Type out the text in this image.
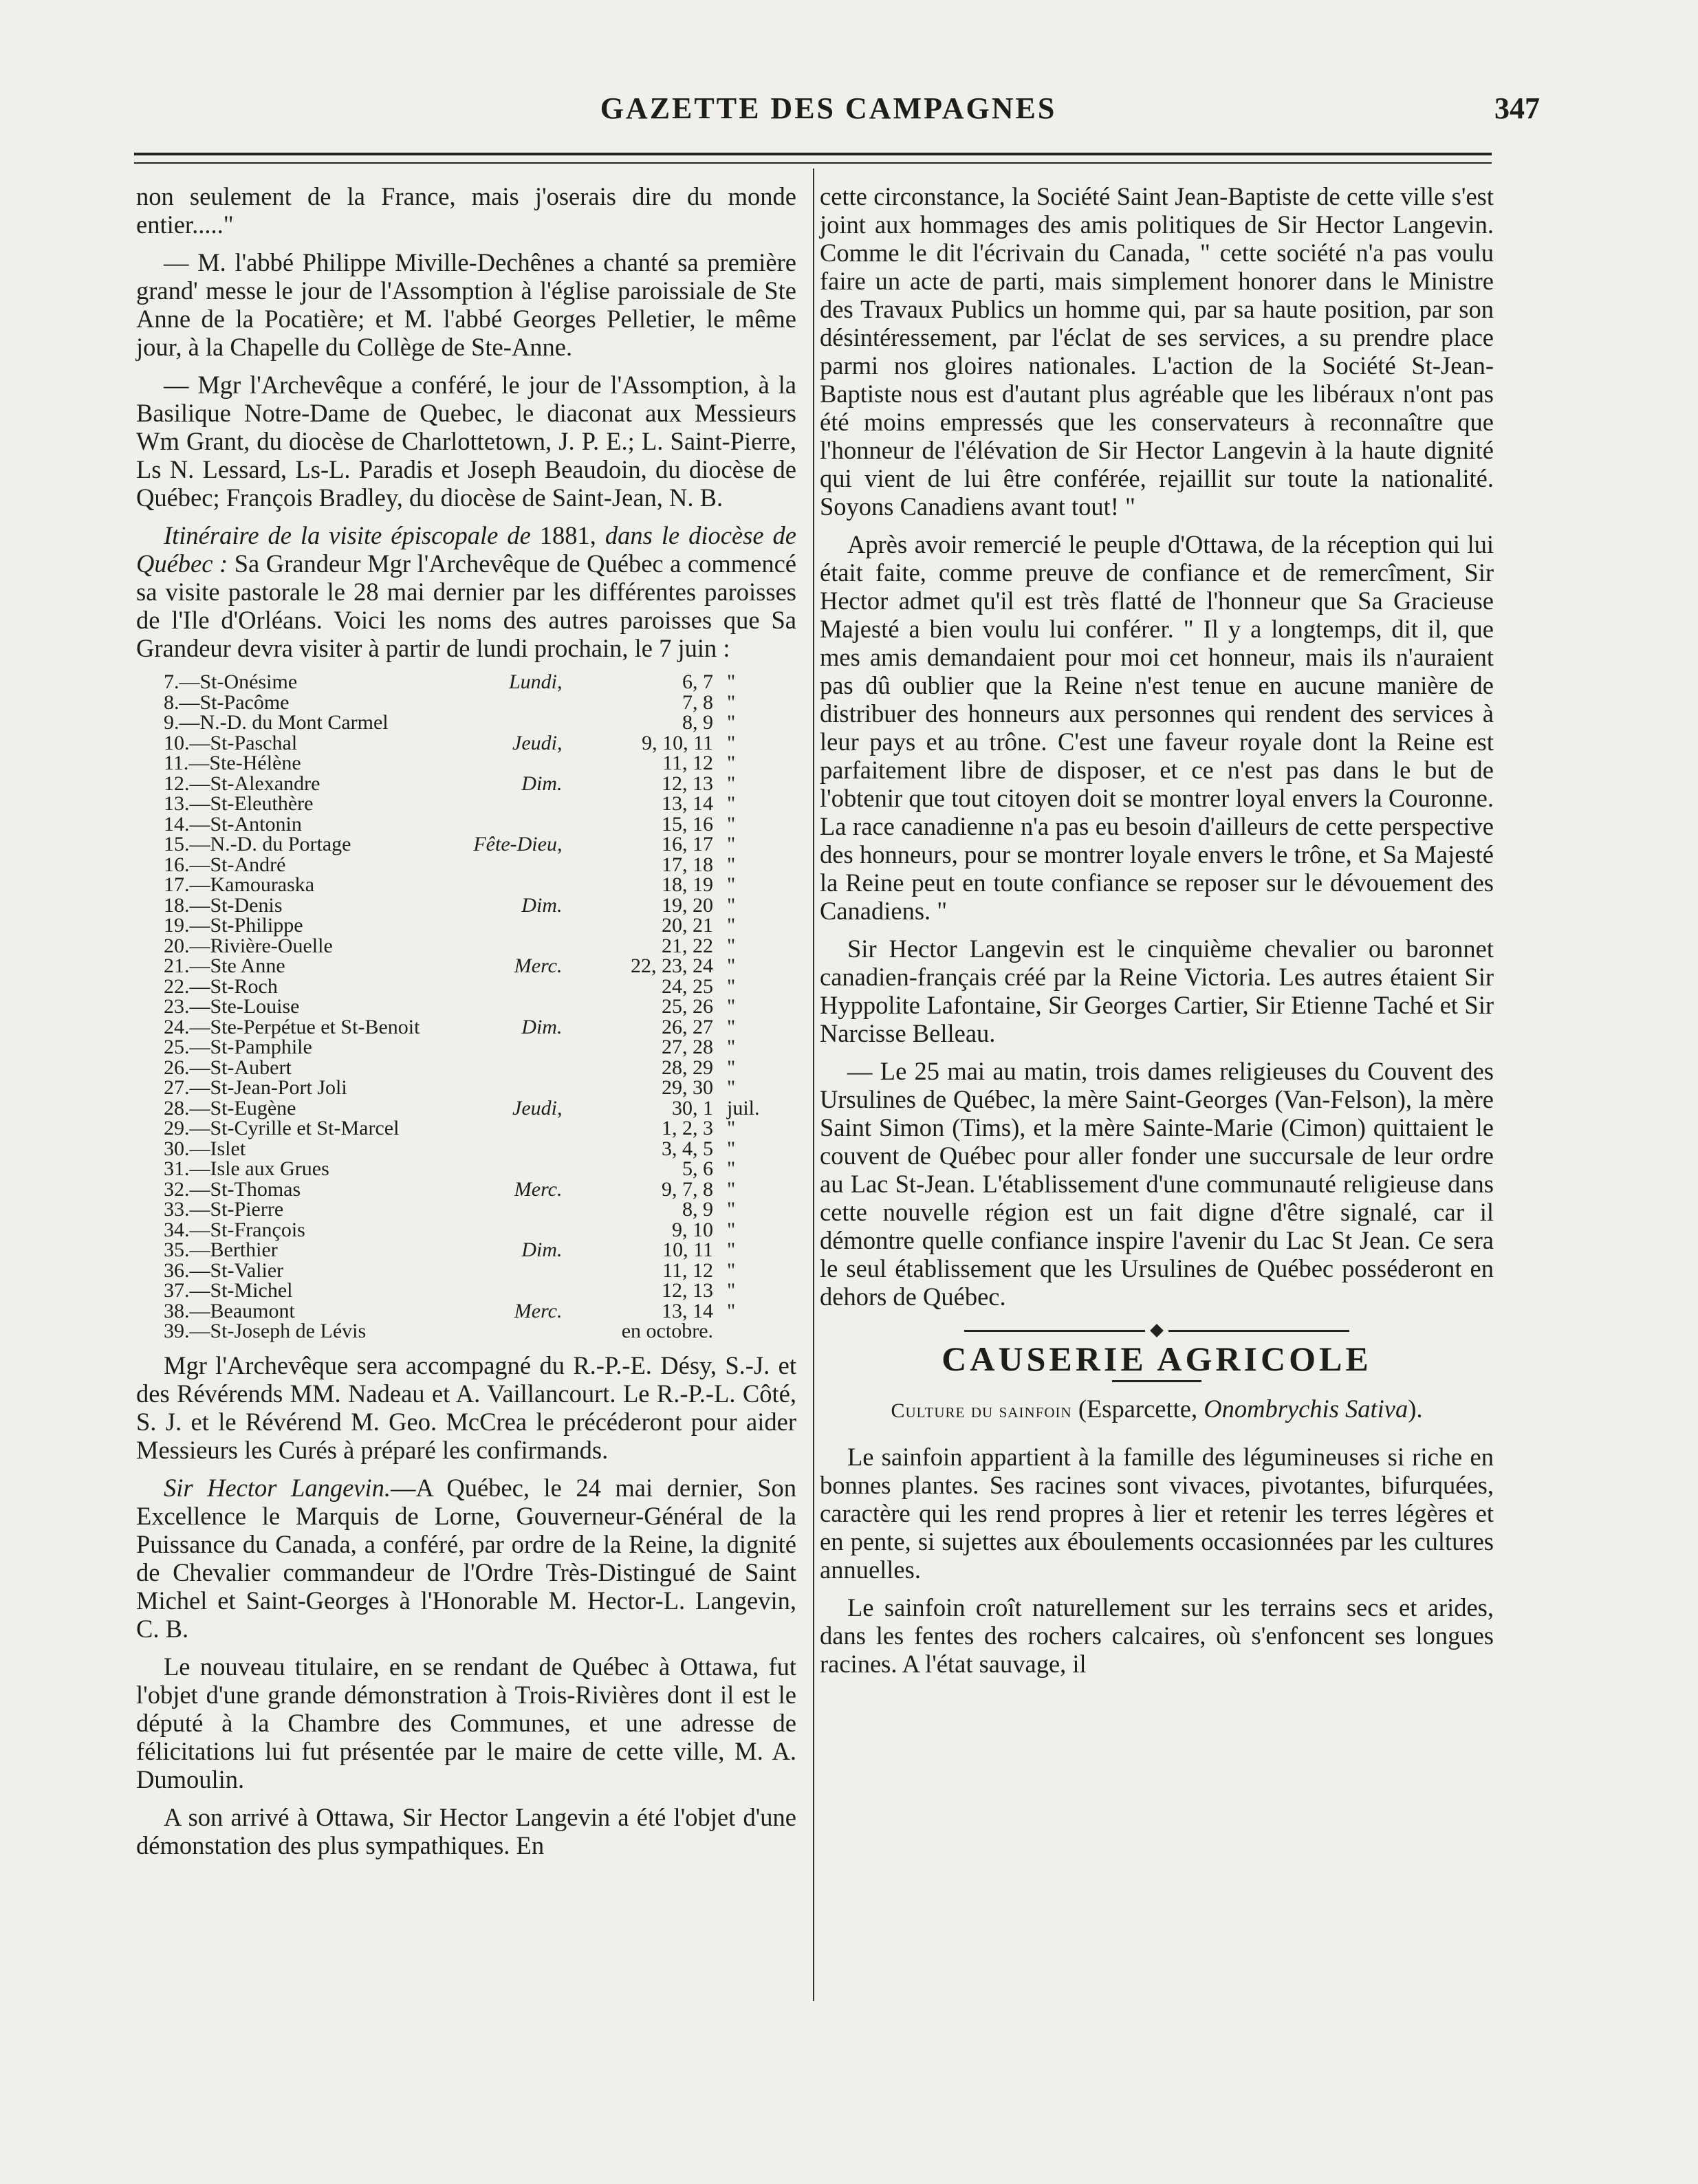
GAZETTE DES CAMPAGNES	347

non seulement de la France, mais j'oserais dire du monde entier....."

— M. l'abbé Philippe Miville-Dechênes a chanté sa première grand' messe le jour de l'Assomption à l'église paroissiale de Ste Anne de la Pocatière; et M. l'abbé Georges Pelletier, le même jour, à la Chapelle du Collège de Ste-Anne.

— Mgr l'Archevêque a conféré, le jour de l'Assomption, à la Basilique Notre-Dame de Quebec, le diaconat aux Messieurs Wm Grant, du diocèse de Charlottetown, J. P. E.; L. Saint-Pierre, Ls N. Lessard, Ls-L. Paradis et Joseph Beaudoin, du diocèse de Québec; François Bradley, du diocèse de Saint-Jean, N. B.

Itinéraire de la visite épiscopale de 1881, dans le diocèse de Québec : Sa Grandeur Mgr l'Archevêque de Québec a commencé sa visite pastorale le 28 mai dernier par les différentes paroisses de l'Ile d'Orléans. Voici les noms des autres paroisses que Sa Grandeur devra visiter à partir de lundi prochain, le 7 juin :

7.—St-Onésime	Lundi,	6, 7	"
8.—St-Pacôme		7, 8	"
9.—N.-D. du Mont Carmel		8, 9	"
10.—St-Paschal	Jeudi,	9, 10, 11	"
11.—Ste-Hélène		11, 12	"
12.—St-Alexandre	Dim.	12, 13	"
13.—St-Eleuthère		13, 14	"
14.—St-Antonin		15, 16	"
15.—N.-D. du Portage	Fête-Dieu,	16, 17	"
16.—St-André		17, 18	"
17.—Kamouraska		18, 19	"
18.—St-Denis	Dim.	19, 20	"
19.—St-Philippe		20, 21	"
20.—Rivière-Ouelle		21, 22	"
21.—Ste Anne	Merc.	22, 23, 24	"
22.—St-Roch		24, 25	"
23.—Ste-Louise		25, 26	"
24.—Ste-Perpétue et St-Benoit	Dim.	26, 27	"
25.—St-Pamphile		27, 28	"
26.—St-Aubert		28, 29	"
27.—St-Jean-Port Joli		29, 30	"
28.—St-Eugène	Jeudi,	30, 1	juil.
29.—St-Cyrille et St-Marcel		1, 2, 3	"
30.—Islet		3, 4, 5	"
31.—Isle aux Grues		5, 6	"
32.—St-Thomas	Merc.	9, 7, 8	"
33.—St-Pierre		8, 9	"
34.—St-François		9, 10	"
35.—Berthier	Dim.	10, 11	"
36.—St-Valier		11, 12	"
37.—St-Michel		12, 13	"
38.—Beaumont	Merc.	13, 14	"
39.—St-Joseph de Lévis		en octobre.	

Mgr l'Archevêque sera accompagné du R.-P.-E. Désy, S.-J. et des Révérends MM. Nadeau et A. Vaillancourt. Le R.-P.-L. Côté, S. J. et le Révérend M. Geo. McCrea le précéderont pour aider Messieurs les Curés à préparé les confirmands.

Sir Hector Langevin.—A Québec, le 24 mai dernier, Son Excellence le Marquis de Lorne, Gouverneur-Général de la Puissance du Canada, a conféré, par ordre de la Reine, la dignité de Chevalier commandeur de l'Ordre Très-Distingué de Saint Michel et Saint-Georges à l'Honorable M. Hector-L. Langevin, C. B.

Le nouveau titulaire, en se rendant de Québec à Ottawa, fut l'objet d'une grande démonstration à Trois-Rivières dont il est le député à la Chambre des Communes, et une adresse de félicitations lui fut présentée par le maire de cette ville, M. A. Dumoulin.

A son arrivé à Ottawa, Sir Hector Langevin a été l'objet d'une démonstation des plus sympathiques. En

cette circonstance, la Société Saint Jean-Baptiste de cette ville s'est joint aux hommages des amis politiques de Sir Hector Langevin. Comme le dit l'écrivain du Canada, " cette société n'a pas voulu faire un acte de parti, mais simplement honorer dans le Ministre des Travaux Publics un homme qui, par sa haute position, par son désintéressement, par l'éclat de ses services, a su prendre place parmi nos gloires nationales. L'action de la Société St-Jean-Baptiste nous est d'autant plus agréable que les libéraux n'ont pas été moins empressés que les conservateurs à reconnaître que l'honneur de l'élévation de Sir Hector Langevin à la haute dignité qui vient de lui être conférée, rejaillit sur toute la nationalité. Soyons Canadiens avant tout! "

Après avoir remercié le peuple d'Ottawa, de la réception qui lui était faite, comme preuve de confiance et de remercîment, Sir Hector admet qu'il est très flatté de l'honneur que Sa Gracieuse Majesté a bien voulu lui conférer. " Il y a longtemps, dit il, que mes amis demandaient pour moi cet honneur, mais ils n'auraient pas dû oublier que la Reine n'est tenue en aucune manière de distribuer des honneurs aux personnes qui rendent des services à leur pays et au trône. C'est une faveur royale dont la Reine est parfaitement libre de disposer, et ce n'est pas dans le but de l'obtenir que tout citoyen doit se montrer loyal envers la Couronne. La race canadienne n'a pas eu besoin d'ailleurs de cette perspective des honneurs, pour se montrer loyale envers le trône, et Sa Majesté la Reine peut en toute confiance se reposer sur le dévouement des Canadiens. "

Sir Hector Langevin est le cinquième chevalier ou baronnet canadien-français créé par la Reine Victoria. Les autres étaient Sir Hyppolite Lafontaine, Sir Georges Cartier, Sir Etienne Taché et Sir Narcisse Belleau.

— Le 25 mai au matin, trois dames religieuses du Couvent des Ursulines de Québec, la mère Saint-Georges (Van-Felson), la mère Saint Simon (Tims), et la mère Sainte-Marie (Cimon) quittaient le couvent de Québec pour aller fonder une succursale de leur ordre au Lac St-Jean. L'établissement d'une communauté religieuse dans cette nouvelle région est un fait digne d'être signalé, car il démontre quelle confiance inspire l'avenir du Lac St Jean. Ce sera le seul établissement que les Ursulines de Québec posséderont en dehors de Québec.

CAUSERIE AGRICOLE

Culture du sainfoin (Esparcette, Onombrychis Sativa).

Le sainfoin appartient à la famille des légumineuses si riche en bonnes plantes. Ses racines sont vivaces, pivotantes, bifurquées, caractère qui les rend propres à lier et retenir les terres légères et en pente, si sujettes aux éboulements occasionnées par les cultures annuelles.

Le sainfoin croît naturellement sur les terrains secs et arides, dans les fentes des rochers calcaires, où s'enfoncent ses longues racines. A l'état sauvage, il
